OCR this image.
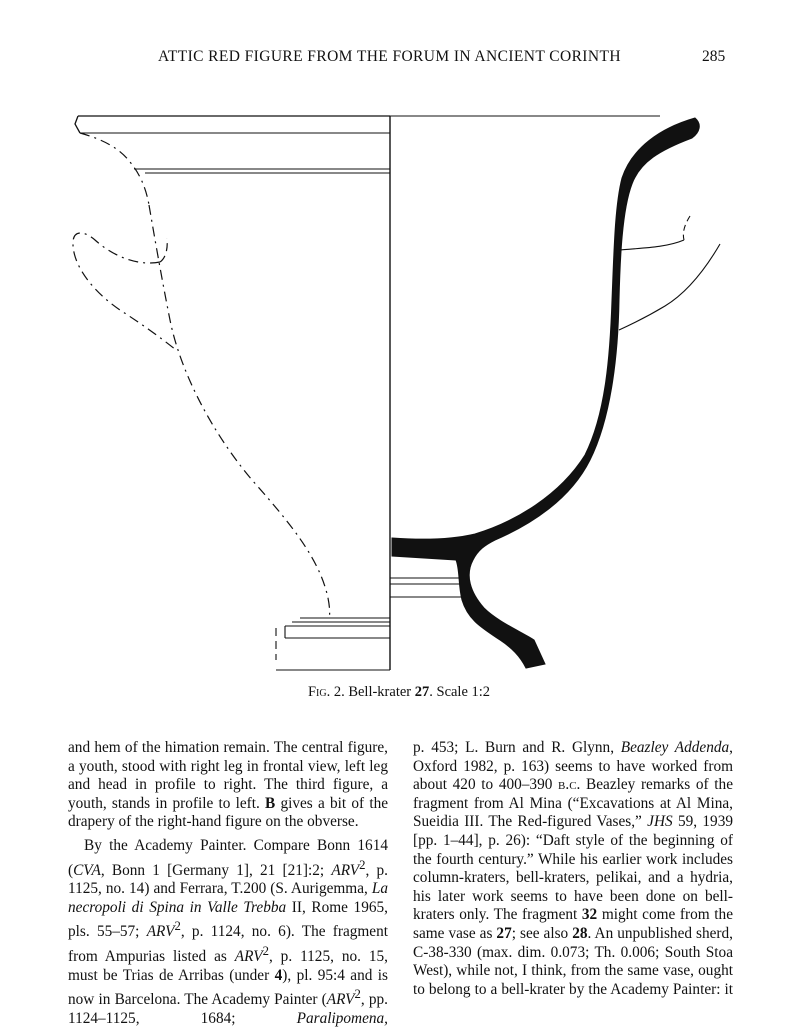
ATTIC RED FIGURE FROM THE FORUM IN ANCIENT CORINTH	285
Fig. 2. Bell-krater 27. Scale 1:2

and hem of the himation remain. The central figure, a youth, stood with right leg in frontal view, left leg and head in profile to right. The third figure, a youth, stands in profile to left. B gives a bit of the drapery of the right-hand figure on the obverse.

By the Academy Painter. Compare Bonn 1614 (CVA, Bonn 1 [Germany 1], 21 [21]:2; ARV$^2$, p. 1125, no. 14) and Ferrara, T.200 (S. Aurigemma, La necropoli di Spina in Valle Trebba II, Rome 1965, pls. 55–57; ARV$^2$, p. 1124, no. 6). The fragment from Ampurias listed as ARV$^2$, p. 1125, no. 15, must be Trias de Arribas (under 4), pl. 95:4 and is now in Barcelona. The Academy Painter (ARV$^2$, pp. 1124–1125, 1684; Paralipomena,

p. 453; L. Burn and R. Glynn, Beazley Addenda, Oxford 1982, p. 163) seems to have worked from about 420 to 400–390 b.c. Beazley remarks of the fragment from Al Mina (“Excavations at Al Mina, Sueidia III. The Red-figured Vases,” JHS 59, 1939 [pp. 1–44], p. 26): “Daft style of the beginning of the fourth century.” While his earlier work includes column-kraters, bell-kraters, pelikai, and a hydria, his later work seems to have been done on bell-kraters only. The fragment 32 might come from the same vase as 27; see also 28. An unpublished sherd, C-38-330 (max. dim. 0.073; Th. 0.006; South Stoa West), while not, I think, from the same vase, ought to belong to a bell-krater by the Academy Painter: it
